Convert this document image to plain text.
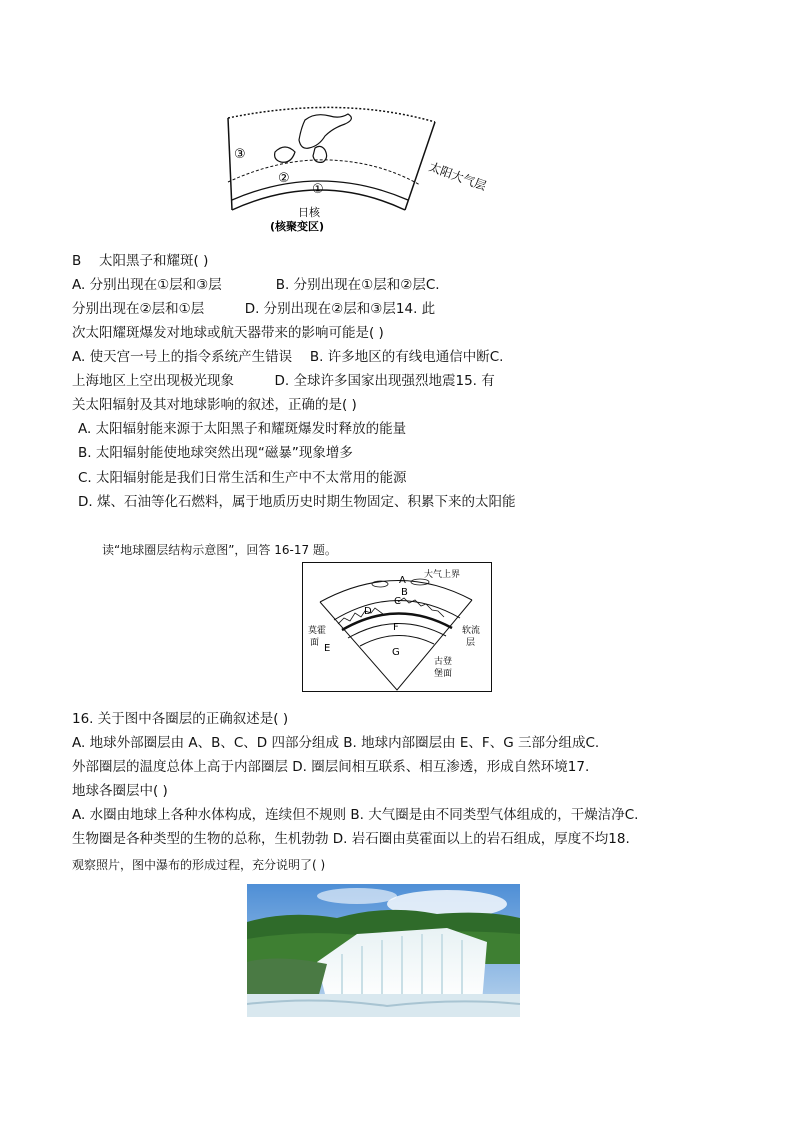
③
②
①	太阳大气层
日核
(核聚变区)
B　 太阳黑子和耀斑( )
A. 分别出现在①层和③层　　　　B. 分别出现在①层和②层C.
分别出现在②层和①层　　　D. 分别出现在②层和③层14. 此
次太阳耀斑爆发对地球或航天器带来的影响可能是( )
A. 使天宫一号上的指令系统产生错误　 B. 许多地区的有线电通信中断C.
上海地区上空出现极光现象　　　D. 全球许多国家出现强烈地震15. 有
关太阳辐射及其对地球影响的叙述，正确的是( )
A. 太阳辐射能来源于太阳黑子和耀斑爆发时释放的能量
B. 太阳辐射能使地球突然出现“磁暴”现象增多
C. 太阳辐射能是我们日常生活和生产中不太常用的能源
D. 煤、石油等化石燃料，属于地质历史时期生物固定、积累下来的太阳能
读“地球圈层结构示意图”，回答 16-17 题。
A
B
C
D
F
G
E
大气上界
莫霍
面
软流
层
古登
堡面
16. 关于图中各圈层的正确叙述是( )
A. 地球外部圈层由 A、B、C、D 四部分组成 B. 地球内部圈层由 E、F、G 三部分组成C.
外部圈层的温度总体上高于内部圈层 D. 圈层间相互联系、相互渗透，形成自然环境17.
地球各圈层中( )
A. 水圈由地球上各种水体构成，连续但不规则 B. 大气圈是由不同类型气体组成的，干燥洁净C.
生物圈是各种类型的生物的总称，生机勃勃 D. 岩石圈由莫霍面以上的岩石组成，厚度不均18.
观察照片，图中瀑布的形成过程，充分说明了( )
